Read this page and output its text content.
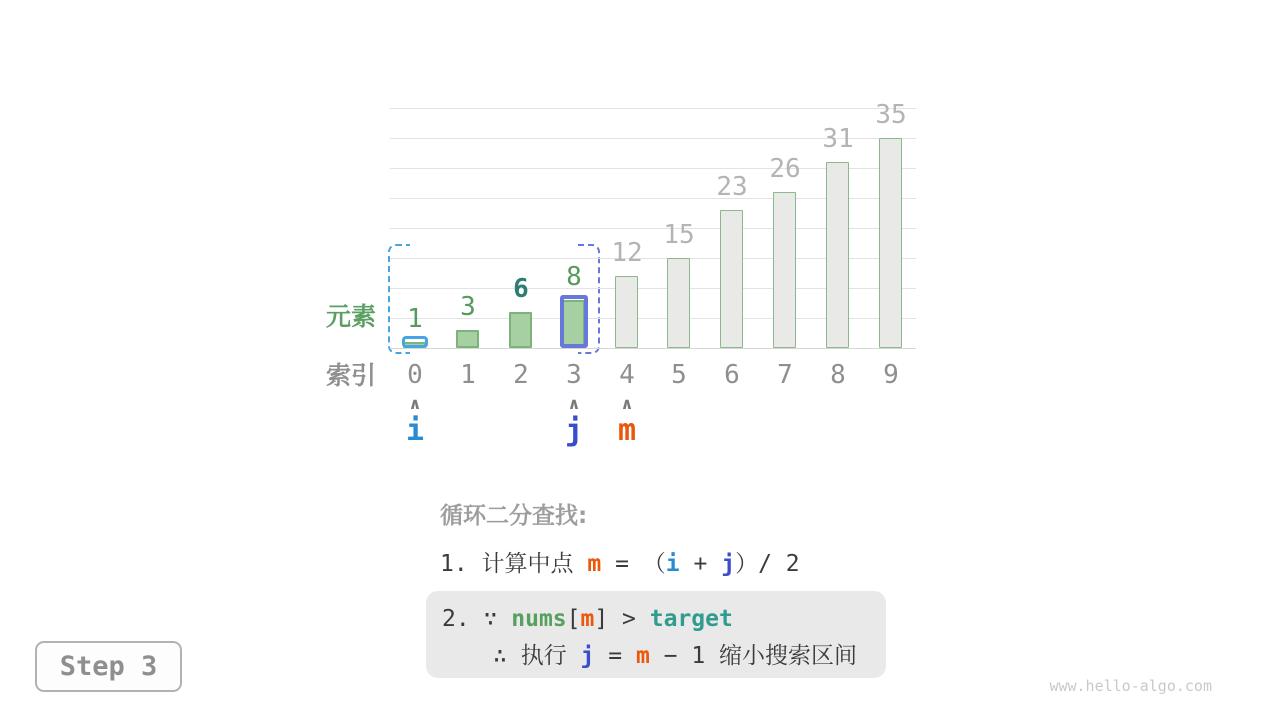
元素
索引
1
0
3
1
6
2
8
3
12
4
15
5
23
6
26
7
31
8
35
9
∧
i
∧
j
∧
m
循环二分查找:
1. 计算中点 m = （i + j）/ 2
2. ∵ nums[m] > target
∴ 执行 j = m − 1 缩小搜索区间
Step 3
www.hello-algo.com
